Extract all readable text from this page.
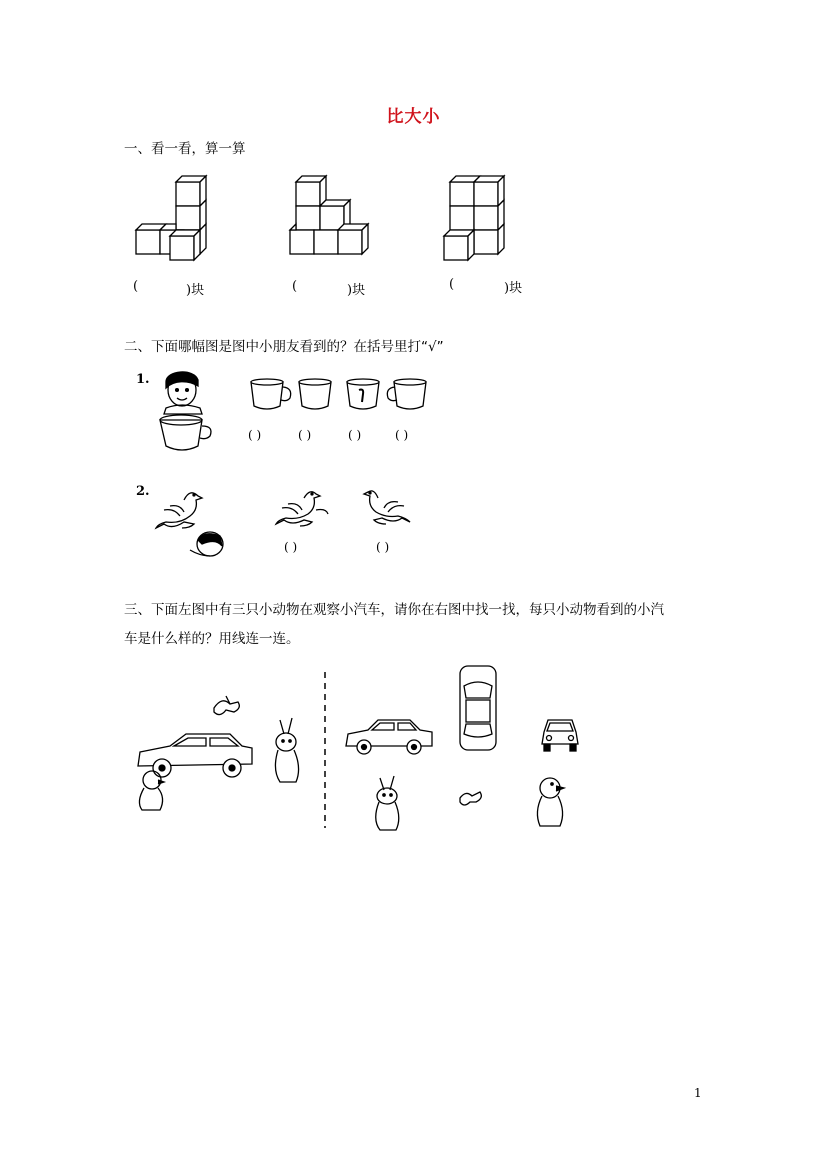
比大小
一、看一看，算一算
(	)块	(	)块	(	)块
二、下面哪幅图是图中小朋友看到的？在括号里打“√”
1.
( )	( )	( )	( )
2.
( )	( )
三、下面左图中有三只小动物在观察小汽车，请你在右图中找一找，每只小动物看到的小汽
车是什么样的？用线连一连。
1
